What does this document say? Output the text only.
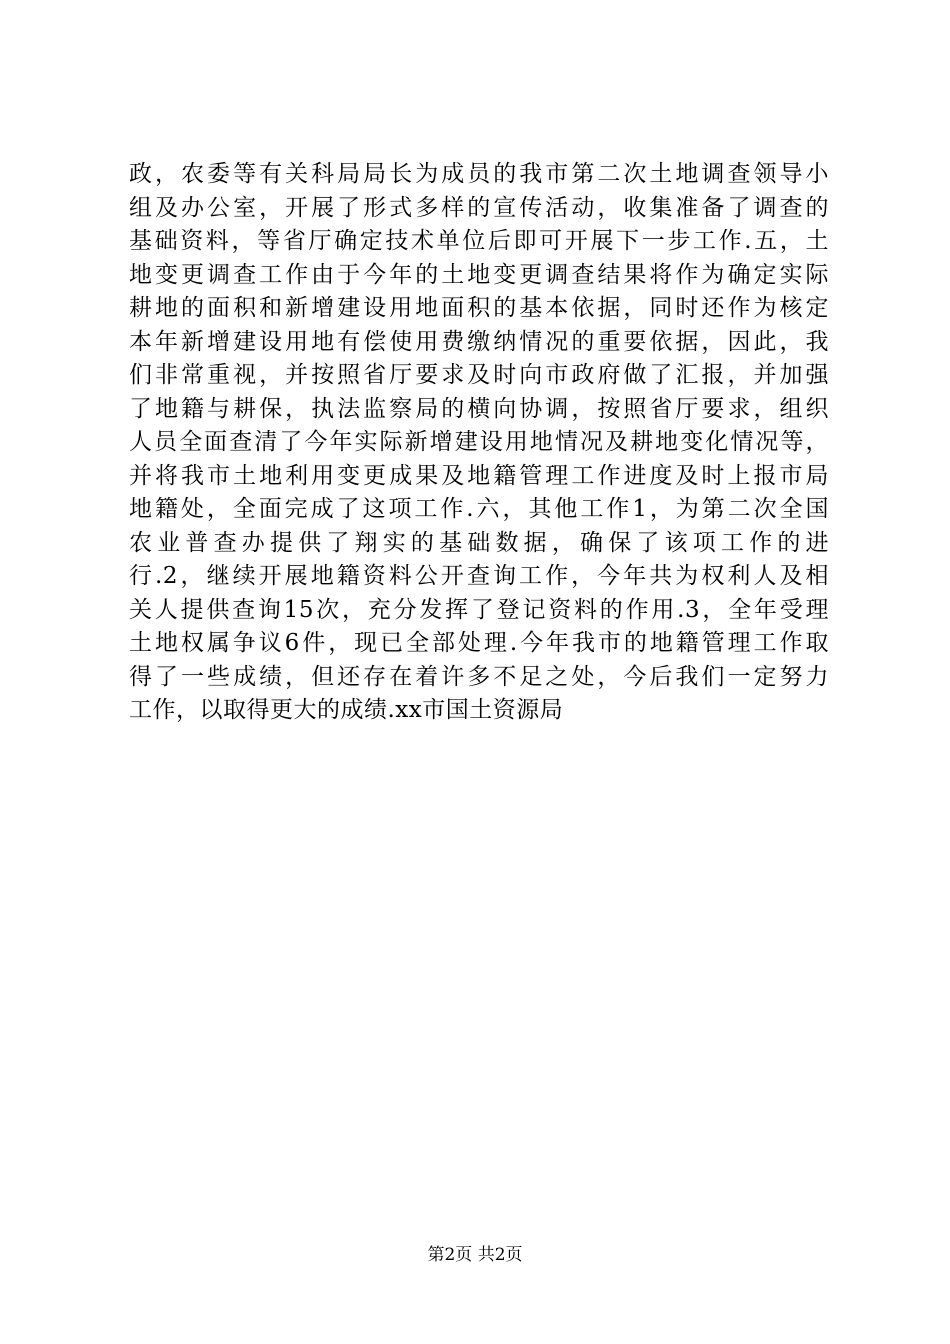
政，农委等有关科局局长为成员的我市第二次土地调查领导小
组及办公室，开展了形式多样的宣传活动，收集准备了调查的
基础资料，等省厅确定技术单位后即可开展下一步工作.五，土
地变更调查工作由于今年的土地变更调查结果将作为确定实际
耕地的面积和新增建设用地面积的基本依据，同时还作为核定
本年新增建设用地有偿使用费缴纳情况的重要依据，因此，我
们非常重视，并按照省厅要求及时向市政府做了汇报，并加强
了地籍与耕保，执法监察局的横向协调，按照省厅要求，组织
人员全面查清了今年实际新增建设用地情况及耕地变化情况等，
并将我市土地利用变更成果及地籍管理工作进度及时上报市局
地籍处，全面完成了这项工作.六，其他工作1，为第二次全国
农业普查办提供了翔实的基础数据，确保了该项工作的进
行.2，继续开展地籍资料公开查询工作，今年共为权利人及相
关人提供查询15次，充分发挥了登记资料的作用.3，全年受理
土地权属争议6件，现已全部处理.今年我市的地籍管理工作取
得了一些成绩，但还存在着许多不足之处，今后我们一定努力
工作，以取得更大的成绩.xx市国土资源局
第2页 共2页
